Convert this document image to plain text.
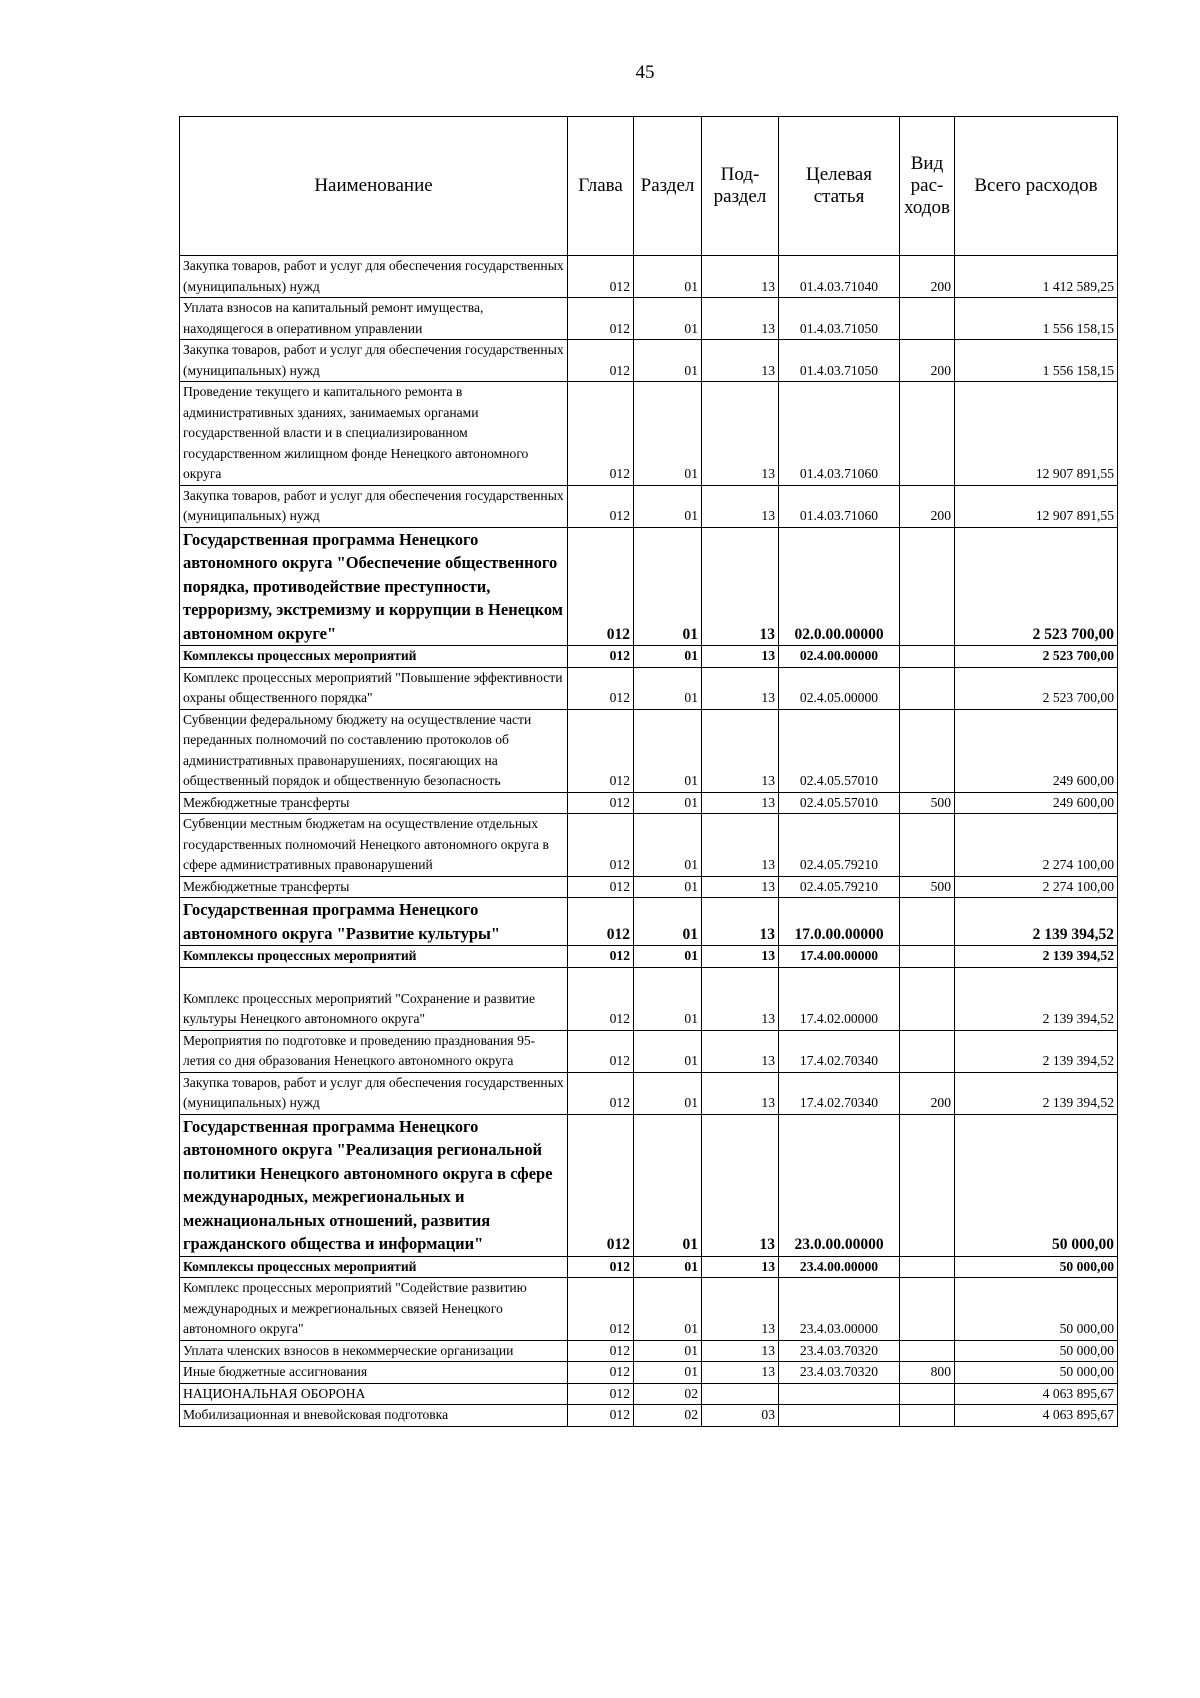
45
Наименование	Глава	Раздел	Под-раздел	Целевая статья	Вид рас-ходов	Всего расходов
Закупка товаров, работ и услуг для обеспечения государственных (муниципальных) нужд	012	01	13	01.4.03.71040	200	1 412 589,25
Уплата взносов на капитальный ремонт имущества, находящегося в оперативном управлении	012	01	13	01.4.03.71050		1 556 158,15
Закупка товаров, работ и услуг для обеспечения государственных (муниципальных) нужд	012	01	13	01.4.03.71050	200	1 556 158,15
Проведение текущего и капитального ремонта в административных зданиях, занимаемых органами государственной власти и в специализированном государственном жилищном фонде Ненецкого автономного округа	012	01	13	01.4.03.71060		12 907 891,55
Закупка товаров, работ и услуг для обеспечения государственных (муниципальных) нужд	012	01	13	01.4.03.71060	200	12 907 891,55
Государственная программа Ненецкого автономного округа "Обеспечение общественного порядка, противодействие преступности, терроризму, экстремизму и коррупции в Ненецком автономном округе"	012	01	13	02.0.00.00000		2 523 700,00
Комплексы процессных мероприятий	012	01	13	02.4.00.00000		2 523 700,00
Комплекс процессных мероприятий "Повышение эффективности охраны общественного порядка"	012	01	13	02.4.05.00000		2 523 700,00
Субвенции федеральному бюджету на осуществление части переданных полномочий по составлению протоколов об административных правонарушениях, посягающих на общественный порядок и общественную безопасность	012	01	13	02.4.05.57010		249 600,00
Межбюджетные трансферты	012	01	13	02.4.05.57010	500	249 600,00
Субвенции местным бюджетам на осуществление отдельных государственных полномочий Ненецкого автономного округа в сфере административных правонарушений	012	01	13	02.4.05.79210		2 274 100,00
Межбюджетные трансферты	012	01	13	02.4.05.79210	500	2 274 100,00
Государственная программа Ненецкого автономного округа "Развитие культуры"	012	01	13	17.0.00.00000		2 139 394,52
Комплексы процессных мероприятий	012	01	13	17.4.00.00000		2 139 394,52
Комплекс процессных мероприятий "Сохранение и развитие культуры Ненецкого автономного округа"	012	01	13	17.4.02.00000		2 139 394,52
Мероприятия по подготовке и проведению празднования 95-летия со дня образования Ненецкого автономного округа	012	01	13	17.4.02.70340		2 139 394,52
Закупка товаров, работ и услуг для обеспечения государственных (муниципальных) нужд	012	01	13	17.4.02.70340	200	2 139 394,52
Государственная программа Ненецкого автономного округа "Реализация региональной политики Ненецкого автономного округа в сфере международных, межрегиональных и межнациональных отношений, развития гражданского общества и информации"	012	01	13	23.0.00.00000		50 000,00
Комплексы процессных мероприятий	012	01	13	23.4.00.00000		50 000,00
Комплекс процессных мероприятий "Содействие развитию международных и межрегиональных связей Ненецкого автономного округа"	012	01	13	23.4.03.00000		50 000,00
Уплата членских взносов в некоммерческие организации	012	01	13	23.4.03.70320		50 000,00
Иные бюджетные ассигнования	012	01	13	23.4.03.70320	800	50 000,00
НАЦИОНАЛЬНАЯ ОБОРОНА	012	02				4 063 895,67
Мобилизационная и вневойсковая подготовка	012	02	03			4 063 895,67
